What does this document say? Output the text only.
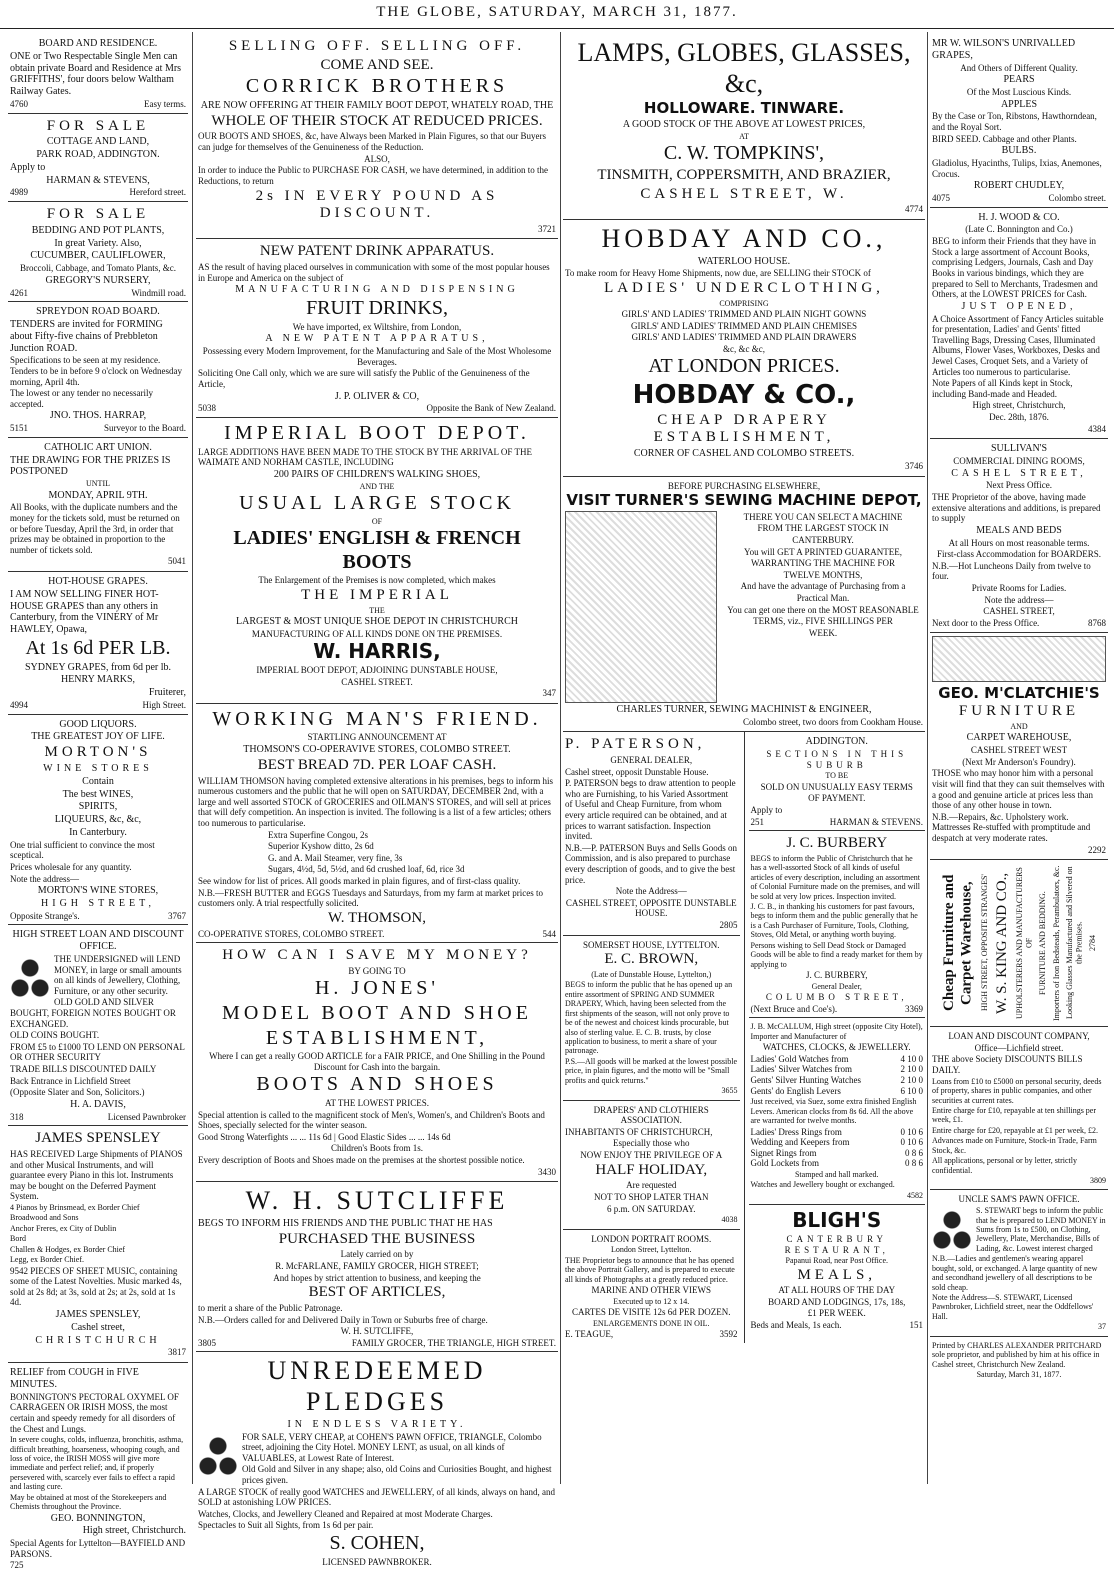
THE GLOBE, SATURDAY, MARCH 31, 1877.

BOARD AND RESIDENCE.

ONE or Two Respectable Single Men can obtain private Board and Residence at Mrs GRIFFITHS', four doors below Waltham Railway Gates.

4760	Easy terms.

FOR SALE

COTTAGE AND LAND,

PARK ROAD, ADDINGTON.

Apply to

HARMAN & STEVENS,

4989	Hereford street.

FOR SALE

BEDDING AND POT PLANTS,

In great Variety. Also,

CUCUMBER, CAULIFLOWER,

Broccoli, Cabbage, and Tomato Plants, &c.

GREGORY'S NURSERY,

4261	Windmill road.

SPREYDON ROAD BOARD.

TENDERS are invited for FORMING about Fifty-five chains of Prebbleton Junction ROAD.

Specifications to be seen at my residence. Tenders to be in before 9 o'clock on Wednesday morning, April 4th.

The lowest or any tender no necessarily accepted.

JNO. THOS. HARRAP,

5151	Surveyor to the Board.

CATHOLIC ART UNION.

THE DRAWING FOR THE PRIZES IS POSTPONED

UNTIL

MONDAY, APRIL 9TH.

All Books, with the duplicate numbers and the money for the tickets sold, must be returned on or before Tuesday, April the 3rd, in order that prizes may be obtained in proportion to the number of tickets sold.

5041

HOT-HOUSE GRAPES.

I AM NOW SELLING FINER HOT-HOUSE GRAPES than any others in Canterbury, from the VINERY of Mr HAWLEY, Opawa,

At 1s 6d PER LB.

SYDNEY GRAPES, from 6d per lb.

HENRY MARKS,

Fruiterer,

4994	High Street.

GOOD LIQUORS.

THE GREATEST JOY OF LIFE.

MORTON'S

WINE STORES

Contain

The best WINES,

SPIRITS,

LIQUEURS, &c, &c,

In Canterbury.

One trial sufficient to convince the most sceptical.

Prices wholesale for any quantity.

Note the address—

MORTON'S WINE STORES,

HIGH STREET,

Opposite Strange's.	3767

HIGH STREET LOAN AND DISCOUNT OFFICE.

THE UNDERSIGNED will LEND MONEY, in large or small amounts on all kinds of Jewellery, Clothing, Furniture, or any other security.

OLD GOLD AND SILVER BOUGHT, FOREIGN NOTES BOUGHT OR EXCHANGED.

OLD COINS BOUGHT.

FROM £5 to £1000 TO LEND ON PERSONAL OR OTHER SECURITY

TRADE BILLS DISCOUNTED DAILY

Back Entrance in Lichfield Street

(Opposite Slater and Son, Solicitors.)

H. A. DAVIS,

318	Licensed Pawnbroker

JAMES SPENSLEY

HAS RECEIVED Large Shipments of PIANOS and other Musical Instruments, and will guarantee every Piano in this lot. Instruments may be bought on the Deferred Payment System.

4 Pianos by Brinsmead, ex Border Chief

Broadwood and Sons

Anchor Freres, ex City of Dublin

Bord

Challen & Hodges, ex Border Chief

Legg, ex Border Chief.

9542 PIECES OF SHEET MUSIC, containing some of the Latest Novelties. Music marked 4s, sold at 2s 8d; at 3s, sold at 2s; at 2s, sold at 1s 4d.

JAMES SPENSLEY,

Cashel street,

CHRISTCHURCH

3817

RELIEF from COUGH in FIVE MINUTES.

BONNINGTON'S PECTORAL OXYMEL OF CARRAGEEN OR IRISH MOSS, the most certain and speedy remedy for all disorders of the Chest and Lungs.

In severe coughs, colds, influenza, bronchitis, asthma, difficult breathing, hoarseness, whooping cough, and loss of voice, the IRISH MOSS will give more immediate and perfect relief; and, if properly persevered with, scarcely ever fails to effect a rapid and lasting cure.

May be obtained at most of the Storekeepers and Chemists throughout the Province.

GEO. BONNINGTON,

High street, Christchurch.

Special Agents for Lyttelton—BAYFIELD AND PARSONS.

725

SELLING OFF. SELLING OFF.

COME AND SEE.

CORRICK BROTHERS

ARE NOW OFFERING AT THEIR FAMILY BOOT DEPOT, WHATELY ROAD, THE

WHOLE OF THEIR STOCK AT REDUCED PRICES.

OUR BOOTS AND SHOES, &c, have Always been Marked in Plain Figures, so that our Buyers can judge for themselves of the Genuineness of the Reduction.

ALSO,

In order to induce the Public to PURCHASE FOR CASH, we have determined, in addition to the Reductions, to return

2s IN EVERY POUND AS DISCOUNT.

3721

NEW PATENT DRINK APPARATUS.

AS the result of having placed ourselves in communication with some of the most popular houses in Europe and America on the subject of

MANUFACTURING AND DISPENSING

FRUIT DRINKS,

We have imported, ex Wiltshire, from London,

A NEW PATENT APPARATUS,

Possessing every Modern Improvement, for the Manufacturing and Sale of the Most Wholesome Beverages.

Soliciting One Call only, which we are sure will satisfy the Public of the Genuineness of the Article,

J. P. OLIVER & CO,

5038	Opposite the Bank of New Zealand.

IMPERIAL BOOT DEPOT.

LARGE ADDITIONS HAVE BEEN MADE TO THE STOCK BY THE ARRIVAL OF THE WAIMATE AND NORHAM CASTLE, INCLUDING

200 PAIRS OF CHILDREN'S WALKING SHOES,

AND THE

USUAL LARGE STOCK

OF

LADIES' ENGLISH & FRENCH BOOTS

The Enlargement of the Premises is now completed, which makes

THE IMPERIAL

THE

LARGEST & MOST UNIQUE SHOE DEPOT IN CHRISTCHURCH

MANUFACTURING OF ALL KINDS DONE ON THE PREMISES.

W. HARRIS,

IMPERIAL BOOT DEPOT, ADJOINING DUNSTABLE HOUSE,

CASHEL STREET.

347

WORKING MAN'S FRIEND.

STARTLING ANNOUNCEMENT AT

THOMSON'S CO-OPERAVIVE STORES, COLOMBO STREET.

BEST BREAD 7D. PER LOAF CASH.

WILLIAM THOMSON having completed extensive alterations in his premises, begs to inform his numerous customers and the public that he will open on SATURDAY, DECEMBER 2nd, with a large and well assorted STOCK of GROCERIES and OILMAN'S STORES, and will sell at prices that will defy competition. An inspection is invited. The following is a list of a few articles; others too numerous to particularise.

Extra Superfine Congou, 2s

Superior Kyshow ditto, 2s 6d

G. and A. Mail Steamer, very fine, 3s

Sugars, 4½d, 5d, 5½d, and 6d crushed loaf, 6d, rice 3d

See window for list of prices. All goods marked in plain figures, and of first-class quality.

N.B.—FRESH BUTTER and EGGS Tuesdays and Saturdays, from my farm at market prices to customers only. A trial respectfully solicited.

W. THOMSON,

CO-OPERATIVE STORES, COLOMBO STREET.	544

HOW CAN I SAVE MY MONEY?

BY GOING TO

H. JONES'

MODEL BOOT AND SHOE

ESTABLISHMENT,

Where I can get a really GOOD ARTICLE for a FAIR PRICE, and One Shilling in the Pound Discount for Cash into the bargain.

BOOTS AND SHOES

AT THE LOWEST PRICES.

Special attention is called to the magnificent stock of Men's, Women's, and Children's Boots and Shoes, specially selected for the winter season.

Good Strong Waterfights ... ... 11s 6d | Good Elastic Sides ... ... 14s 6d

Children's Boots from 1s.

Every description of Boots and Shoes made on the premises at the shortest possible notice.

3430

W. H. SUTCLIFFE

BEGS TO INFORM HIS FRIENDS AND THE PUBLIC THAT HE HAS

PURCHASED THE BUSINESS

Lately carried on by

R. McFARLANE, FAMILY GROCER, HIGH STREET;

And hopes by strict attention to business, and keeping the

BEST OF ARTICLES,

to merit a share of the Public Patronage.

N.B.—Orders called for and Delivered Daily in Town or Suburbs free of charge.

W. H. SUTCLIFFE,

3805	FAMILY GROCER, THE TRIANGLE, HIGH STREET.

UNREDEEMED PLEDGES

IN ENDLESS VARIETY.

FOR SALE, VERY CHEAP, at COHEN'S PAWN OFFICE, TRIANGLE, Colombo street, adjoining the City Hotel. MONEY LENT, as usual, on all kinds of VALUABLES, at Lowest Rate of Interest.

Old Gold and Silver in any shape; also, old Coins and Curiosities Bought, and highest prices given.

A LARGE STOCK of really good WATCHES and JEWELLERY, of all kinds, always on hand, and SOLD at astonishing LOW PRICES.

Watches, Clocks, and Jewellery Cleaned and Repaired at most Moderate Charges.

Spectacles to Suit all Sights, from 1s 6d per pair.

S. COHEN,

LICENSED PAWNBROKER.

LAMPS, GLOBES, GLASSES, &c,

HOLLOWARE. TINWARE.

A GOOD STOCK OF THE ABOVE AT LOWEST PRICES,

AT

C. W. TOMPKINS',

TINSMITH, COPPERSMITH, AND BRAZIER,

CASHEL STREET, W.

4774

HOBDAY AND CO.,

WATERLOO HOUSE.

To make room for Heavy Home Shipments, now due, are SELLING their STOCK of

LADIES' UNDERCLOTHING,

COMPRISING

GIRLS' AND LADIES' TRIMMED AND PLAIN NIGHT GOWNS

GIRLS' AND LADIES' TRIMMED AND PLAIN CHEMISES

GIRLS' AND LADIES' TRIMMED AND PLAIN DRAWERS

&c, &c &c,

AT LONDON PRICES.

HOBDAY & CO.,

CHEAP DRAPERY ESTABLISHMENT,

CORNER OF CASHEL AND COLOMBO STREETS.

3746

BEFORE PURCHASING ELSEWHERE,

VISIT TURNER'S SEWING MACHINE DEPOT,

THERE YOU CAN SELECT A MACHINE

FROM THE LARGEST STOCK IN

CANTERBURY.

You will GET A PRINTED GUARANTEE,

WARRANTING THE MACHINE FOR

TWELVE MONTHS,

And have the advantage of Purchasing from a

Practical Man.

You can get one there on the MOST REASONABLE

TERMS, viz., FIVE SHILLINGS PER

WEEK.

CHARLES TURNER, SEWING MACHINIST & ENGINEER,

Colombo street, two doors from Cookham House.

P. PATERSON,

GENERAL DEALER,

Cashel street, opposit Dunstable House.

P. PATERSON begs to draw attention to people who are Furnishing, to his Varied Assortment of Useful and Cheap Furniture, from whom every article required can be obtained, and at prices to warrant satisfaction. Inspection invited.

N.B.—P. PATERSON Buys and Sells Goods on Commission, and is also prepared to purchase every description of goods, and to give the best price.

Note the Address—

CASHEL STREET, OPPOSITE DUNSTABLE HOUSE.

2805

SOMERSET HOUSE, LYTTELTON.

E. C. BROWN,

(Late of Dunstable House, Lyttelton,)

BEGS to inform the public that he has opened up an entire assortment of SPRING AND SUMMER DRAPERY, Which, having been selected from the first shipments of the season, will not only prove to be of the newest and choicest kinds procurable, but also of sterling value. E. C. B. trusts, by close application to business, to merit a share of your patronage.

P.S.—All goods will be marked at the lowest possible price, in plain figures, and the motto will be "Small profits and quick returns."

3655

DRAPERS' AND CLOTHIERS ASSOCIATION.

INHABITANTS OF CHRISTCHURCH,

Especially those who

NOW ENJOY THE PRIVILEGE OF A

HALF HOLIDAY,

Are requested

NOT TO SHOP LATER THAN

6 p.m. ON SATURDAY.

4038

LONDON PORTRAIT ROOMS.

London Street, Lyttelton.

THE Proprietor begs to announce that he has opened the above Portrait Gallery, and is prepared to execute all kinds of Photographs at a greatly reduced price.

MARINE AND OTHER VIEWS

Executed up to 12 x 14.

CARTES DE VISITE 12s 6d PER DOZEN.

ENLARGEMENTS DONE IN OIL.

E. TEAGUE,	3592

ADDINGTON.

SECTIONS IN THIS SUBURB

TO BE

SOLD ON UNUSUALLY EASY TERMS

OF PAYMENT.

Apply to

251	HARMAN & STEVENS.

J. C. BURBERY

BEGS to inform the Public of Christchurch that he has a well-assorted Stock of all kinds of useful articles of every description, including an assortment of Colonial Furniture made on the premises, and will be sold at very low prices. Inspection invited.

J. C. B., in thanking his customers for past favours, begs to inform them and the public generally that he is a Cash Purchaser of Furniture, Tools, Clothing, Stoves, Old Metal, or anything worth buying.

Persons wishing to Sell Dead Stock or Damaged Goods will be able to find a ready market for them by applying to

J. C. BURBERY,

General Dealer,

COLUMBO STREET,

(Next Bruce and Coe's).	3369

J. B. McCALLUM, High street (opposite City Hotel), Importer and Manufacturer of

WATCHES, CLOCKS, & JEWELLERY.

Ladies' Gold Watches from	4 10 0
Ladies' Silver Watches from	2 10 0
Gents' Silver Hunting Watches	2 10 0
Gents' do English Levers	6 10 0

Just received, via Suez, some extra finished English Levers. American clocks from 8s 6d. All the above are warranted for twelve months.

Ladies' Dress Rings from	0 10 6
Wedding and Keepers from	0 10 6
Signet Rings from	0 8 6
Gold Lockets from	0 8 6

Stamped and hall marked.

Watches and Jewellery bought or exchanged.

4582

BLIGH'S

CANTERBURY RESTAURANT,

Papanui Road, near Post Office.

MEALS,

AT ALL HOURS OF THE DAY

BOARD AND LODGINGS, 17s, 18s,

£1 PER WEEK.

Beds and Meals, 1s each.	151

MR W. WILSON'S UNRIVALLED GRAPES,

And Others of Different Quality.

PEARS

Of the Most Luscious Kinds.

APPLES

By the Case or Ton, Ribstons, Hawthorndean, and the Royal Sort.

BIRD SEED. Cabbage and other Plants.

BULBS.

Gladiolus, Hyacinths, Tulips, Ixias, Anemones, Crocus.

ROBERT CHUDLEY,

4075	Colombo street.

H. J. WOOD & CO.

(Late C. Bonnington and Co.)

BEG to inform their Friends that they have in Stock a large assortment of Account Books, comprising Ledgers, Journals, Cash and Day Books in various bindings, which they are prepared to Sell to Merchants, Tradesmen and Others, at the LOWEST PRICES for Cash.

JUST OPENED,

A Choice Assortment of Fancy Articles suitable for presentation, Ladies' and Gents' fitted Travelling Bags, Dressing Cases, Illuminated Albums, Flower Vases, Workboxes, Desks and Jewel Cases, Croquet Sets, and a Variety of Articles too numerous to particularise.

Note Papers of all Kinds kept in Stock, including Band-made and Headed.

High street, Christchurch,

Dec. 28th, 1876.

4384

SULLIVAN'S

COMMERCIAL DINING ROOMS,

CASHEL STREET,

Next Press Office.

THE Proprietor of the above, having made extensive alterations and additions, is prepared to supply

MEALS AND BEDS

At all Hours on most reasonable terms.

First-class Accommodation for BOARDERS.

N.B.—Hot Luncheons Daily from twelve to four.

Private Rooms for Ladies.

Note the address—

CASHEL STREET,

Next door to the Press Office.	8768

GEO. M'CLATCHIE'S

FURNITURE

AND

CARPET WAREHOUSE,

CASHEL STREET WEST

(Next Mr Anderson's Foundry).

THOSE who may honor him with a personal visit will find that they can suit themselves with a good and genuine article at prices less than those of any other house in town.

N.B.—Repairs, &c. Upholstery work. Mattresses Re-stuffed with promptitude and despatch at very moderate rates.

2292

Cheap Furniture and Carpet Warehouse, HIGH STREET, OPPOSITE STRANGES' W. S. KING AND CO., UPHOLSTERERS AND MANUFACTURERS OF FURNITURE AND BEDDING. Importers of Iron Bedsteads, Perambulators, &c. Looking Glasses Manufactured and Silvered on the Premises. 2784

LOAN AND DISCOUNT COMPANY,

Office—Lichfield street.

THE above Society DISCOUNTS BILLS DAILY.

Loans from £10 to £5000 on personal security, deeds of property, shares in public companies, and other securities at current rates.

Entire charge for £10, repayable at ten shillings per week, £1.

Entire charge for £20, repayable at £1 per week, £2.

Advances made on Furniture, Stock-in Trade, Farm Stock, &c.

All applications, personal or by letter, strictly confidential.

3809

UNCLE SAM'S PAWN OFFICE.

S. STEWART begs to inform the public that he is prepared to LEND MONEY in Sums from 1s to £500, on Clothing, Jewellery, Plate, Merchandise, Bills of Lading, &c. Lowest interest charged

N.B.—Ladies and gentlemen's wearing apparel bought, sold, or exchanged. A large quantity of new and secondhand jewellery of all descriptions to be sold cheap.

Note the Address—S. STEWART, Licensed Pawnbroker, Lichfield street, near the Oddfellows' Hall.

37

Printed by CHARLES ALEXANDER PRITCHARD sole proprietor, and published by him at his office in Cashel street, Christchurch New Zealand.

Saturday, March 31, 1877.
